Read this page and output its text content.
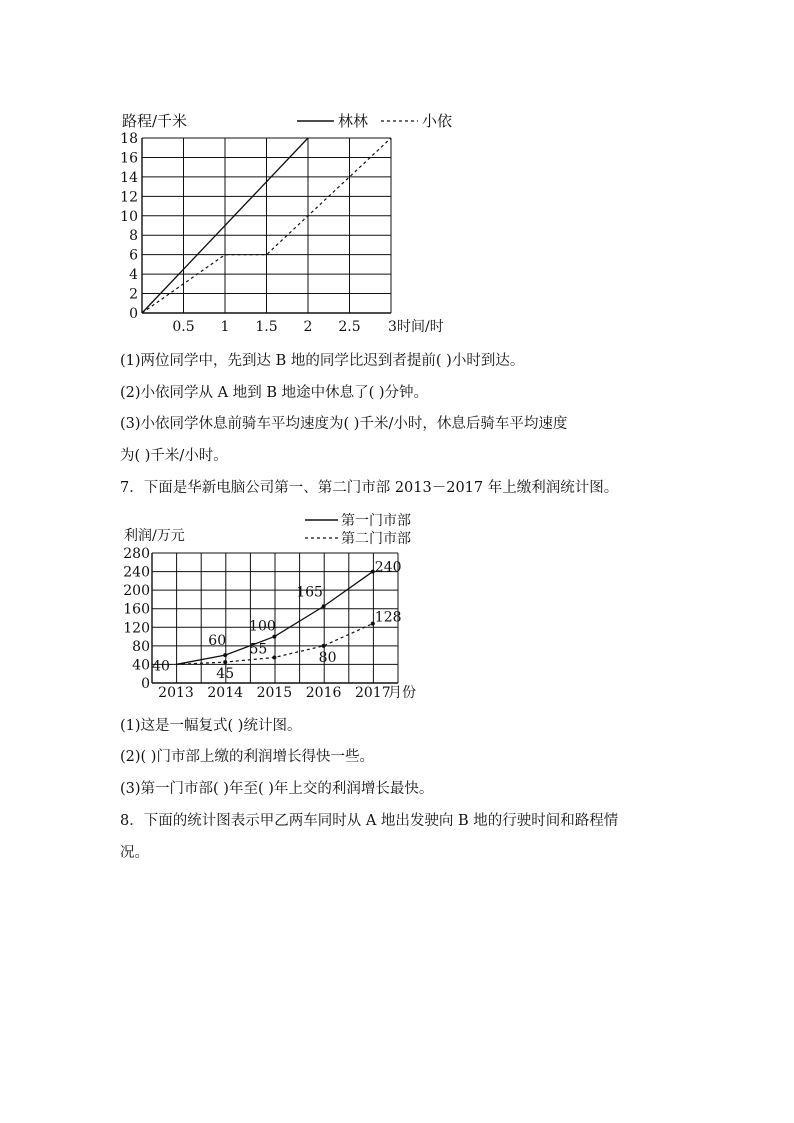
路程/千米	林林	小依
0
2
4
6
8
10
12
14
16
18
0.5 1 1.5 2 2.5 3 时间/时
(1)两位同学中，先到达 B 地的同学比迟到者提前( )小时到达。
(2)小依同学从 A 地到 B 地途中休息了( )分钟。
(3)小依同学休息前骑车平均速度为( )千米/小时，休息后骑车平均速度
为( )千米/小时。
7．下面是华新电脑公司第一、第二门市部 2013－2017 年上缴利润统计图。
第一门市部
第二门市部
利润/万元
0
40
80
120
160
200
240
280
2013 2014 2015 2016 2017
40
60
100
165
240
45
55
80
128
月份
(1)这是一幅复式( )统计图。
(2)( )门市部上缴的利润增长得快一些。
(3)第一门市部( )年至( )年上交的利润增长最快。
8．下面的统计图表示甲乙两车同时从 A 地出发驶向 B 地的行驶时间和路程情
况。
